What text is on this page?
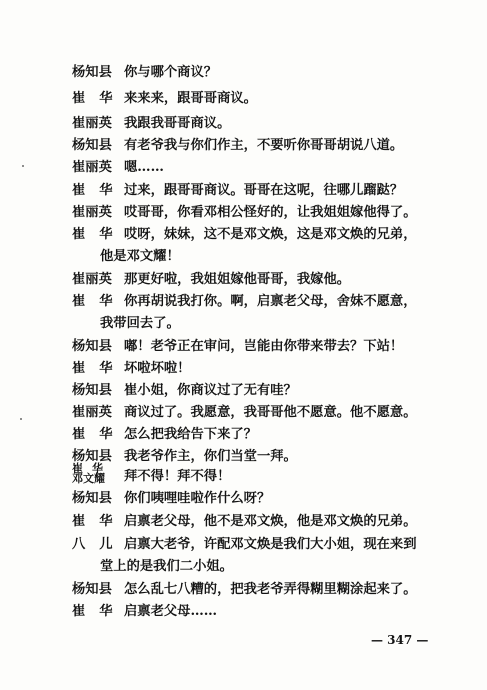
杨知县 你与哪个商议？
崔华
来来来，跟哥哥商议。
崔丽英 我跟我哥哥商议。
杨知县 有老爷我与你们作主，不要听你哥哥胡说八道。
崔丽英 嗯……
崔华
过来，跟哥哥商议。哥哥在这呢，往哪儿蹓跶？
崔丽英 哎哥哥，你看邓相公怪好的，让我姐姐嫁他得了。
崔华
哎呀，妹妹，这不是邓文焕，这是邓文焕的兄弟，
他是邓文耀！
崔丽英 那更好啦，我姐姐嫁他哥哥，我嫁他。
崔华
你再胡说我打你。啊，启禀老父母，舍妹不愿意，
我带回去了。
杨知县 嘟！老爷正在审问，岂能由你带来带去？下站！
崔华
坏啦坏啦！
杨知县 崔小姐，你商议过了无有哇？
崔丽英 商议过了。我愿意，我哥哥他不愿意。他不愿意。
崔华
怎么把我给告下来了？
杨知县 我老爷作主，你们当堂一拜。
崔华
邓文耀	拜不得！拜不得！
杨知县 你们咦哩哇啦作什么呀？
崔华
启禀老父母，他不是邓文焕，他是邓文焕的兄弟。
八儿
启禀大老爷，许配邓文焕是我们大小姐，现在来到
堂上的是我们二小姐。
杨知县 怎么乱七八糟的，把我老爷弄得糊里糊涂起来了。
崔华
启禀老父母……
— 347 —
